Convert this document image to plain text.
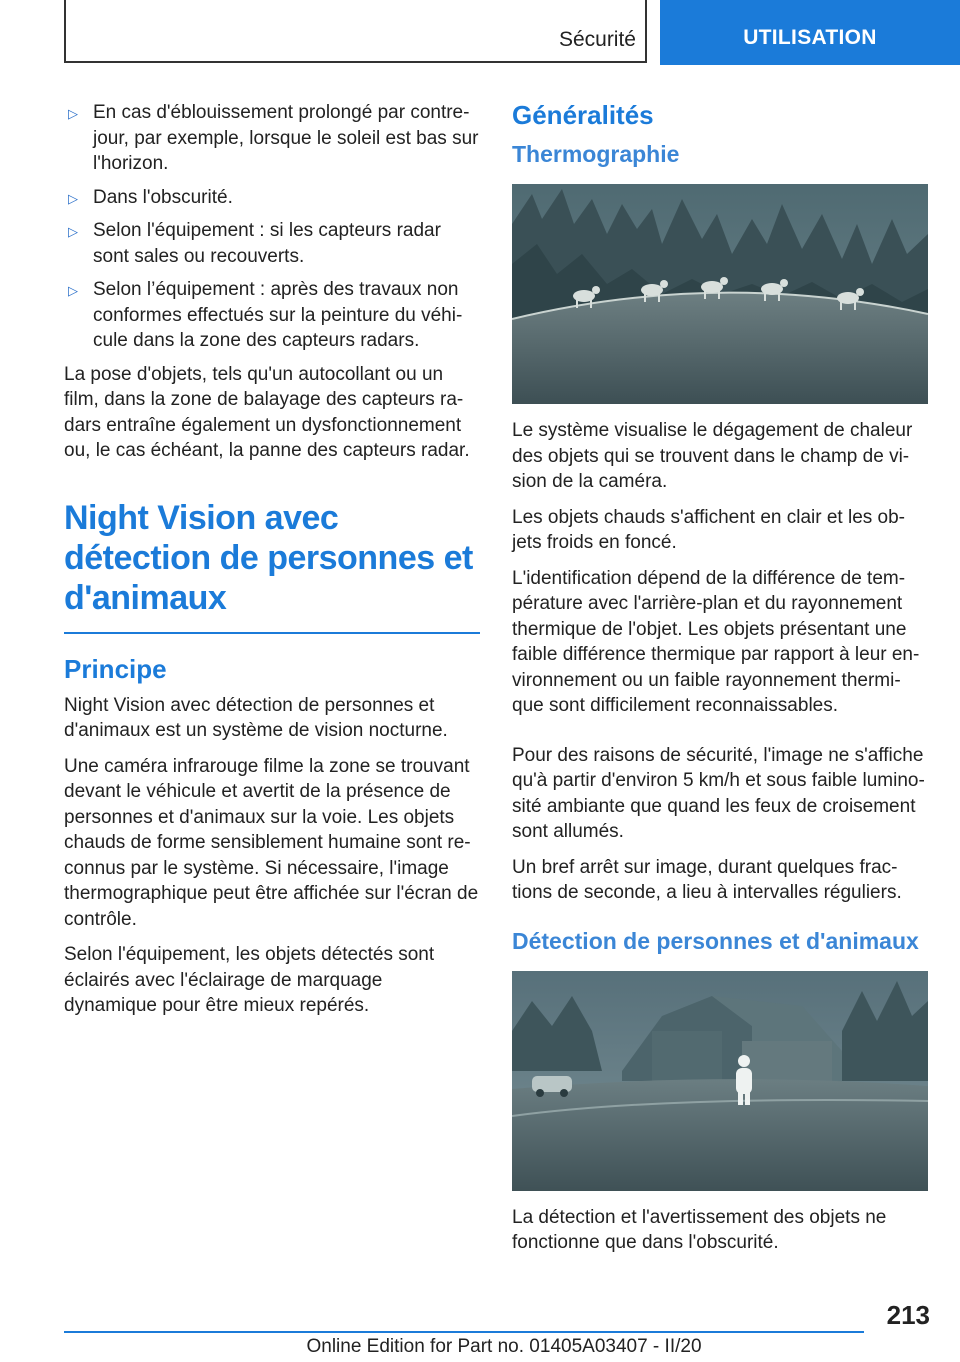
Sécurité	UTILISATION
▷ En cas d'éblouissement prolongé par contre-jour, par exemple, lorsque le soleil est bas sur l'horizon.
▷ Dans l'obscurité.
▷ Selon l'équipement : si les capteurs radar sont sales ou recouverts.
▷ Selon l’équipement : après des travaux non conformes effectués sur la peinture du véhi-cule dans la zone des capteurs radars.

La pose d'objets, tels qu'un autocollant ou un film, dans la zone de balayage des capteurs ra-dars entraîne également un dysfonctionnement ou, le cas échéant, la panne des capteurs radar.

Night Vision avec détection de personnes et d'animaux
Principe

Night Vision avec détection de personnes et d'animaux est un système de vision nocturne.

Une caméra infrarouge filme la zone se trouvant devant le véhicule et avertit de la présence de personnes et d'animaux sur la voie. Les objets chauds de forme sensiblement humaine sont re-connus par le système. Si nécessaire, l'image thermographique peut être affichée sur l'écran de contrôle.

Selon l'équipement, les objets détectés sont éclairés avec l'éclairage de marquage dynamique pour être mieux repérés.

Généralités
Thermographie

Le système visualise le dégagement de chaleur des objets qui se trouvent dans le champ de vi-sion de la caméra.

Les objets chauds s'affichent en clair et les ob-jets froids en foncé.

L'identification dépend de la différence de tem-pérature avec l'arrière-plan et du rayonnement thermique de l'objet. Les objets présentant une faible différence thermique par rapport à leur en-vironnement ou un faible rayonnement thermi-que sont difficilement reconnaissables.

Pour des raisons de sécurité, l'image ne s'affiche qu'à partir d'environ 5 km/h et sous faible lumino-sité ambiante que quand les feux de croisement sont allumés.

Un bref arrêt sur image, durant quelques frac-tions de seconde, a lieu à intervalles réguliers.

Détection de personnes et d'animaux

La détection et l'avertissement des objets ne fonctionne que dans l'obscurité.

213
Online Edition for Part no. 01405A03407 - II/20
